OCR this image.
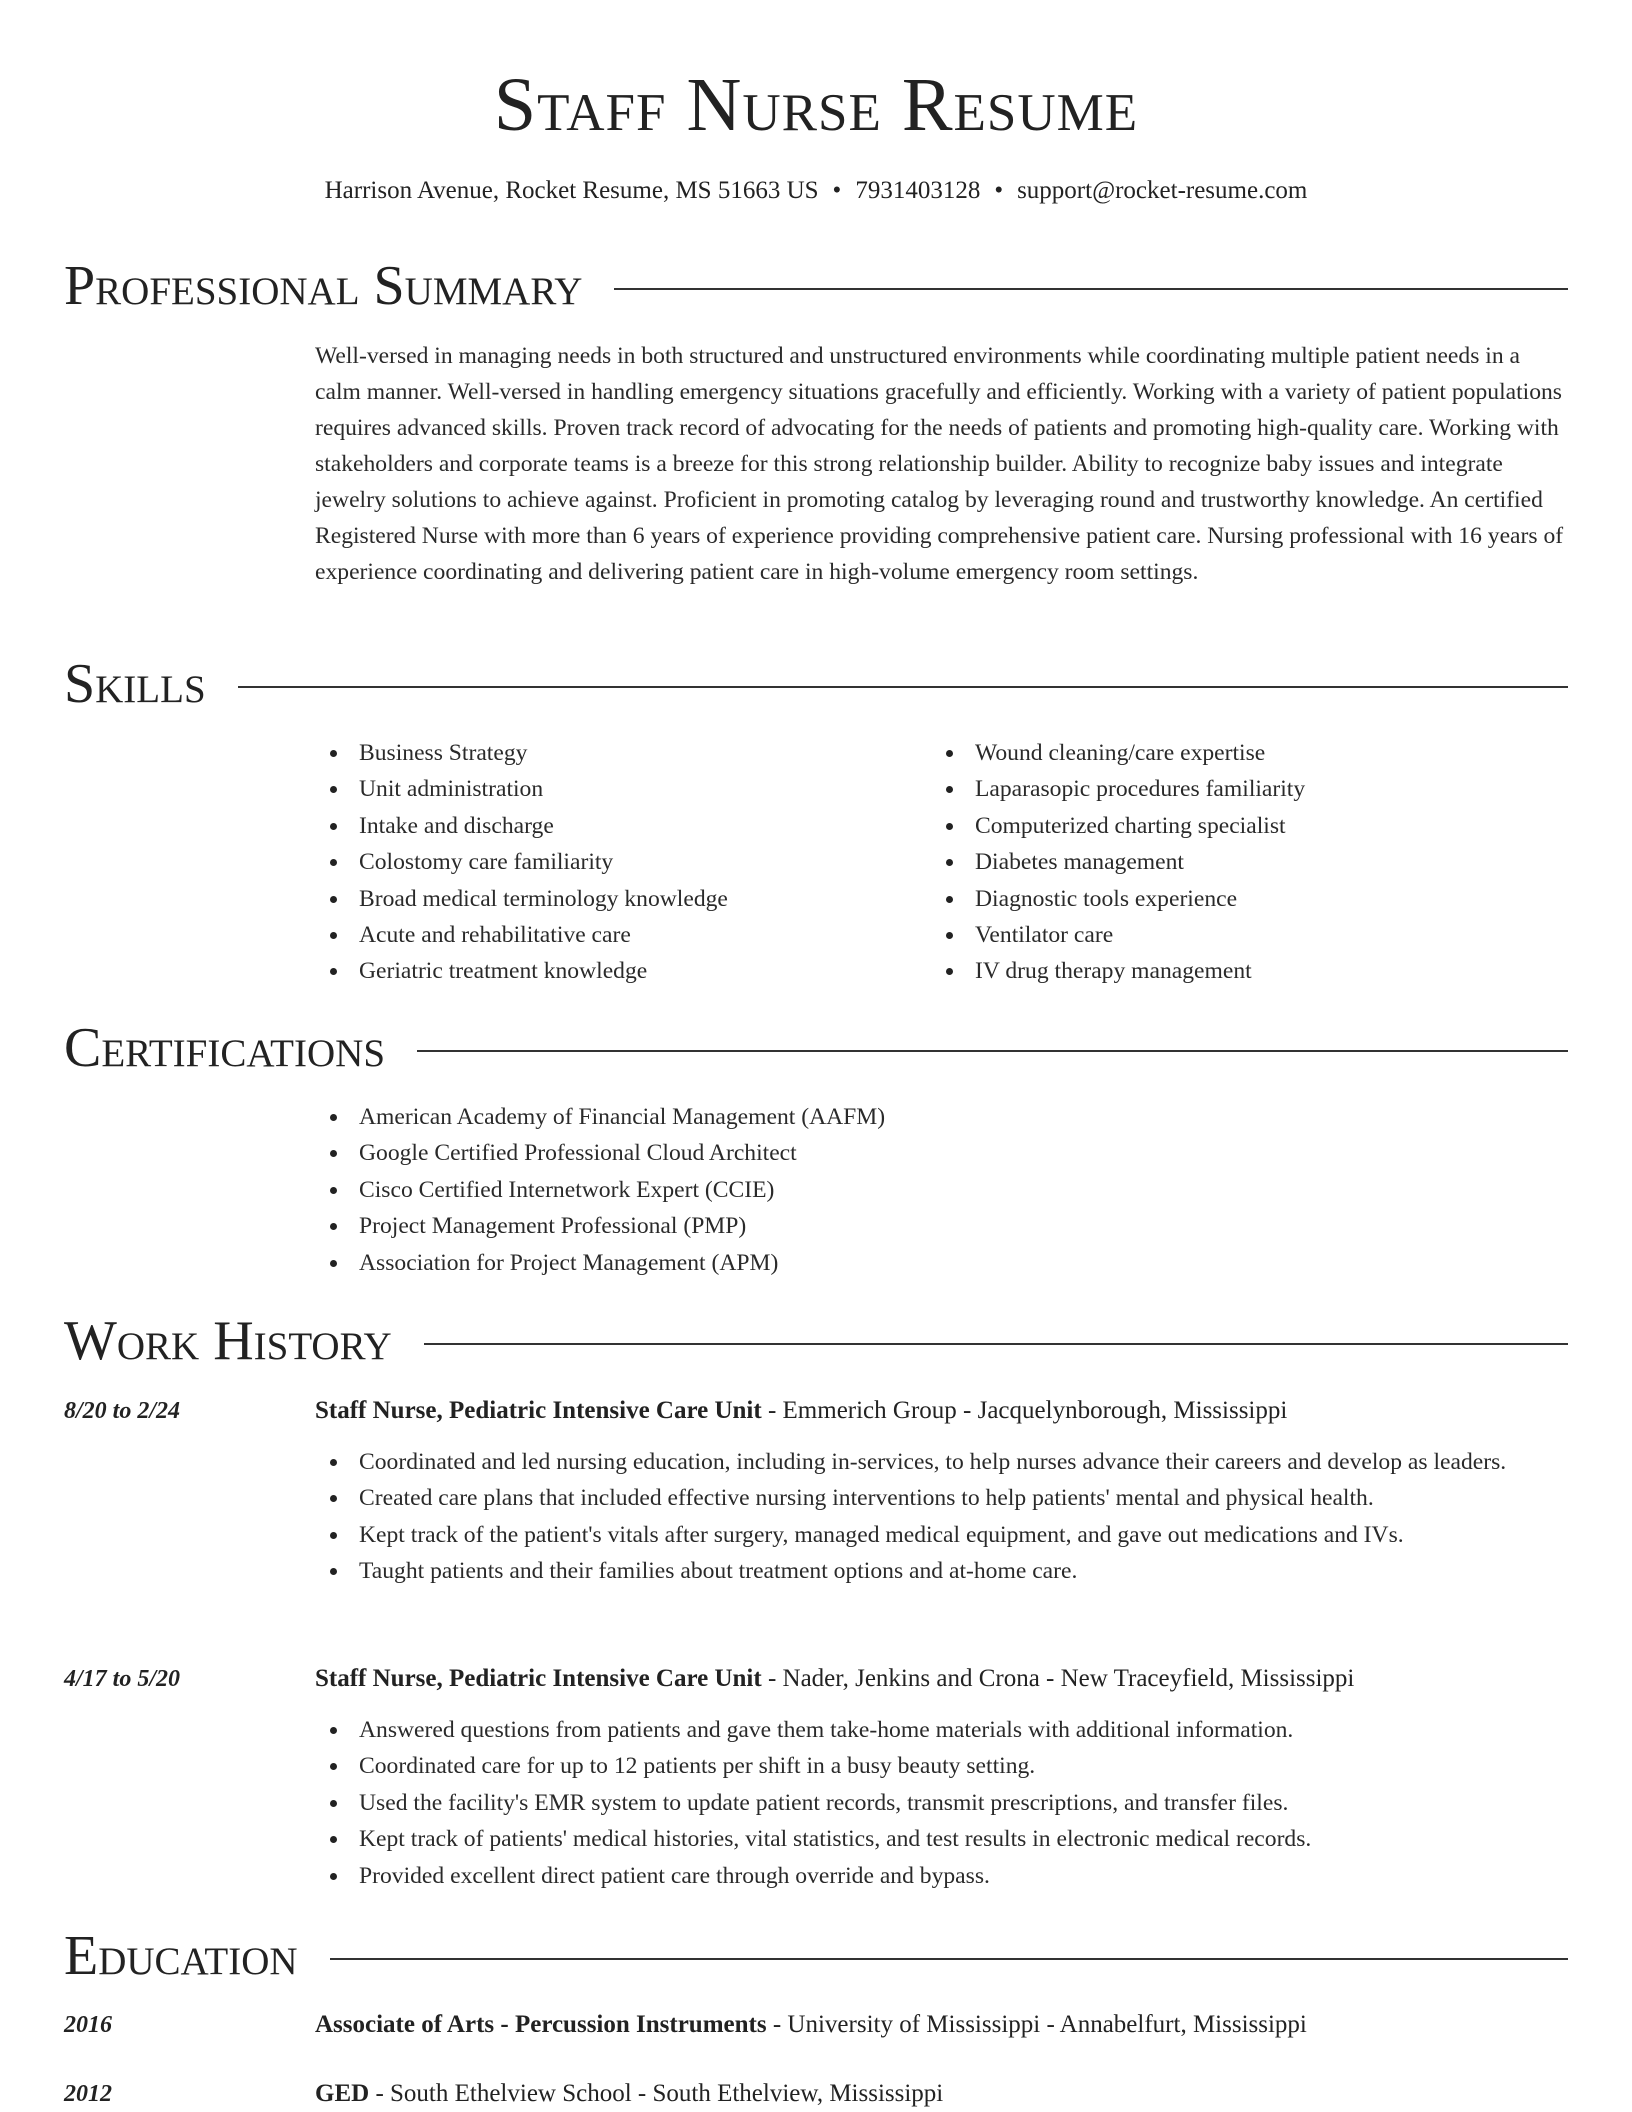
Staff Nurse Resume
Harrison Avenue, Rocket Resume, MS 51663 US • 7931403128 • support@rocket-resume.com
Professional Summary
Well-versed in managing needs in both structured and unstructured environments while coordinating multiple patient needs in a calm manner. Well-versed in handling emergency situations gracefully and efficiently. Working with a variety of patient populations requires advanced skills. Proven track record of advocating for the needs of patients and promoting high-quality care. Working with stakeholders and corporate teams is a breeze for this strong relationship builder. Ability to recognize baby issues and integrate jewelry solutions to achieve against. Proficient in promoting catalog by leveraging round and trustworthy knowledge. An certified Registered Nurse with more than 6 years of experience providing comprehensive patient care. Nursing professional with 16 years of experience coordinating and delivering patient care in high-volume emergency room settings.
Skills
Business Strategy
Unit administration
Intake and discharge
Colostomy care familiarity
Broad medical terminology knowledge
Acute and rehabilitative care
Geriatric treatment knowledge
Wound cleaning/care expertise
Laparasopic procedures familiarity
Computerized charting specialist
Diabetes management
Diagnostic tools experience
Ventilator care
IV drug therapy management
Certifications
American Academy of Financial Management (AAFM)
Google Certified Professional Cloud Architect
Cisco Certified Internetwork Expert (CCIE)
Project Management Professional (PMP)
Association for Project Management (APM)
Work History
8/20 to 2/24	Staff Nurse, Pediatric Intensive Care Unit - Emmerich Group - Jacquelynborough, Mississippi
Coordinated and led nursing education, including in-services, to help nurses advance their careers and develop as leaders.
Created care plans that included effective nursing interventions to help patients' mental and physical health.
Kept track of the patient's vitals after surgery, managed medical equipment, and gave out medications and IVs.
Taught patients and their families about treatment options and at-home care.
4/17 to 5/20	Staff Nurse, Pediatric Intensive Care Unit - Nader, Jenkins and Crona - New Traceyfield, Mississippi
Answered questions from patients and gave them take-home materials with additional information.
Coordinated care for up to 12 patients per shift in a busy beauty setting.
Used the facility's EMR system to update patient records, transmit prescriptions, and transfer files.
Kept track of patients' medical histories, vital statistics, and test results in electronic medical records.
Provided excellent direct patient care through override and bypass.
Education
2016	Associate of Arts - Percussion Instruments - University of Mississippi - Annabelfurt, Mississippi
2012	GED - South Ethelview School - South Ethelview, Mississippi
